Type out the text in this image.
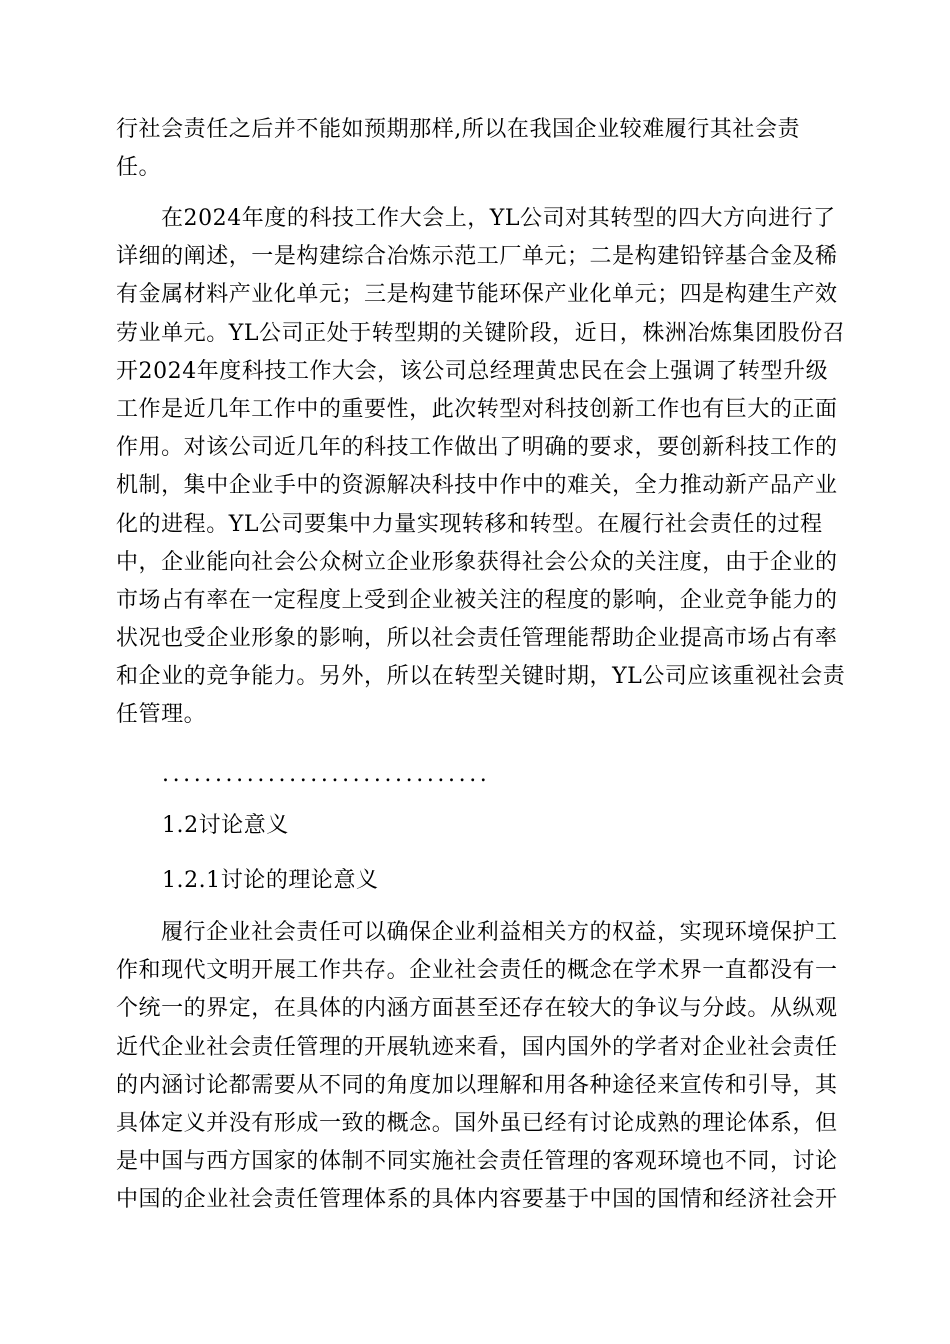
行社会责任之后并不能如预期那样,所以在我国企业较难履行其社会责
任。
在2024年度的科技工作大会上，YL公司对其转型的四大方向进行了
详细的阐述，一是构建综合冶炼示范工厂单元；二是构建铅锌基合金及稀
有金属材料产业化单元；三是构建节能环保产业化单元；四是构建生产效
劳业单元。YL公司正处于转型期的关键阶段，近日，株洲冶炼集团股份召
开2024年度科技工作大会，该公司总经理黄忠民在会上强调了转型升级
工作是近几年工作中的重要性，此次转型对科技创新工作也有巨大的正面
作用。对该公司近几年的科技工作做出了明确的要求，要创新科技工作的
机制，集中企业手中的资源解决科技中作中的难关，全力推动新产品产业
化的进程。YL公司要集中力量实现转移和转型。在履行社会责任的过程
中，企业能向社会公众树立企业形象获得社会公众的关注度，由于企业的
市场占有率在一定程度上受到企业被关注的程度的影响，企业竞争能力的
状况也受企业形象的影响，所以社会责任管理能帮助企业提高市场占有率
和企业的竞争能力。另外，所以在转型关键时期，YL公司应该重视社会责
任管理。
...............................
1.2讨论意义
1.2.1讨论的理论意义
履行企业社会责任可以确保企业利益相关方的权益，实现环境保护工
作和现代文明开展工作共存。企业社会责任的概念在学术界一直都没有一
个统一的界定，在具体的内涵方面甚至还存在较大的争议与分歧。从纵观
近代企业社会责任管理的开展轨迹来看，国内国外的学者对企业社会责任
的内涵讨论都需要从不同的角度加以理解和用各种途径来宣传和引导，其
具体定义并没有形成一致的概念。国外虽已经有讨论成熟的理论体系，但
是中国与西方国家的体制不同实施社会责任管理的客观环境也不同，讨论
中国的企业社会责任管理体系的具体内容要基于中国的国情和经济社会开
